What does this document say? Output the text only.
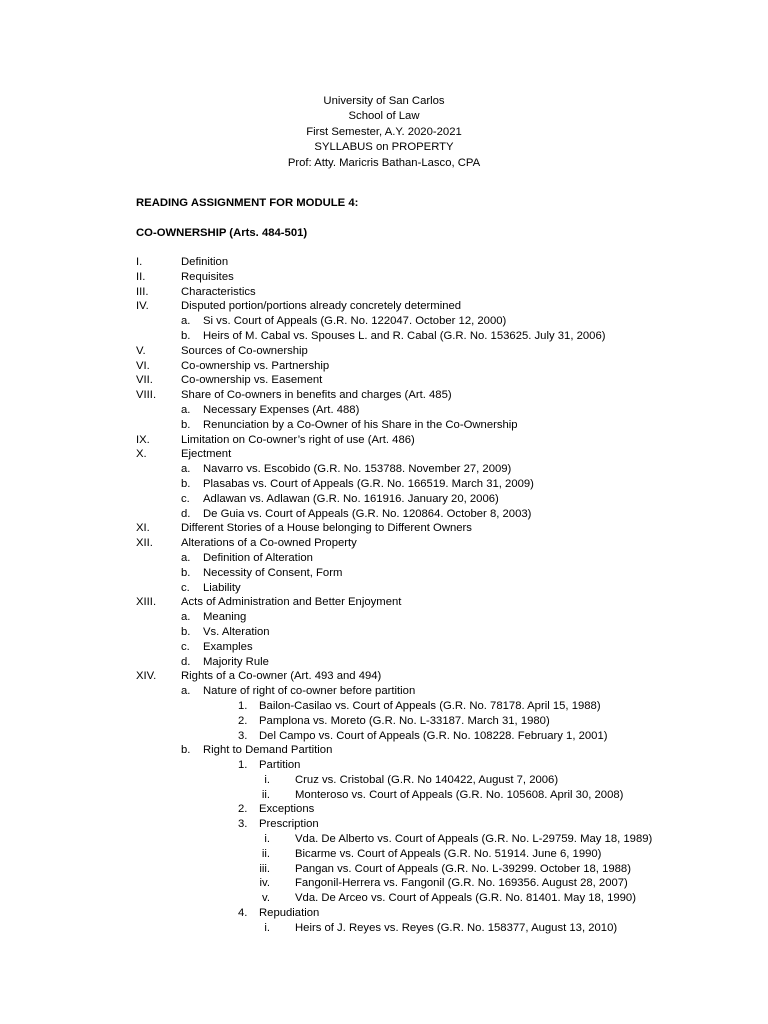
University of San Carlos
School of Law
First Semester, A.Y. 2020-2021
SYLLABUS on PROPERTY
Prof: Atty. Maricris Bathan-Lasco, CPA
READING ASSIGNMENT FOR MODULE 4:
CO-OWNERSHIP (Arts. 484-501)
I.	Definition
II.	Requisites
III.	Characteristics
IV.	Disputed portion/portions already concretely determined
a. Si vs. Court of Appeals (G.R. No. 122047. October 12, 2000)
b. Heirs of M. Cabal vs. Spouses L. and R. Cabal (G.R. No. 153625. July 31, 2006)
V.	Sources of Co-ownership
VI.	Co-ownership vs. Partnership
VII. Co-ownership vs. Easement
VIII. Share of Co-owners in benefits and charges (Art. 485)
a. Necessary Expenses (Art. 488)
b. Renunciation by a Co-Owner of his Share in the Co-Ownership
IX.	Limitation on Co-owner’s right of use (Art. 486)
X.	Ejectment
a. Navarro vs. Escobido (G.R. No. 153788. November 27, 2009)
b. Plasabas vs. Court of Appeals (G.R. No. 166519. March 31, 2009)
c. Adlawan vs. Adlawan (G.R. No. 161916. January 20, 2006)
d. De Guia vs. Court of Appeals (G.R. No. 120864. October 8, 2003)
XI.	Different Stories of a House belonging to Different Owners
XII. Alterations of a Co-owned Property
a. Definition of Alteration
b. Necessity of Consent, Form
c. Liability
XIII. Acts of Administration and Better Enjoyment
a. Meaning
b. Vs. Alteration
c. Examples
d. Majority Rule
XIV. Rights of a Co-owner (Art. 493 and 494)
a. Nature of right of co-owner before partition
1. Bailon-Casilao vs. Court of Appeals (G.R. No. 78178. April 15, 1988)
2. Pamplona vs. Moreto (G.R. No. L-33187. March 31, 1980)
3. Del Campo vs. Court of Appeals (G.R. No. 108228. February 1, 2001)
b. Right to Demand Partition
1. Partition
i. Cruz vs. Cristobal (G.R. No 140422, August 7, 2006)
ii. Monteroso vs. Court of Appeals (G.R. No. 105608. April 30, 2008)
2. Exceptions
3. Prescription
i. Vda. De Alberto vs. Court of Appeals (G.R. No. L-29759. May 18, 1989)
ii. Bicarme vs. Court of Appeals (G.R. No. 51914. June 6, 1990)
iii. Pangan vs. Court of Appeals (G.R. No. L-39299. October 18, 1988)
iv. Fangonil-Herrera vs. Fangonil (G.R. No. 169356. August 28, 2007)
v. Vda. De Arceo vs. Court of Appeals (G.R. No. 81401. May 18, 1990)
4. Repudiation
i. Heirs of J. Reyes vs. Reyes (G.R. No. 158377, August 13, 2010)
